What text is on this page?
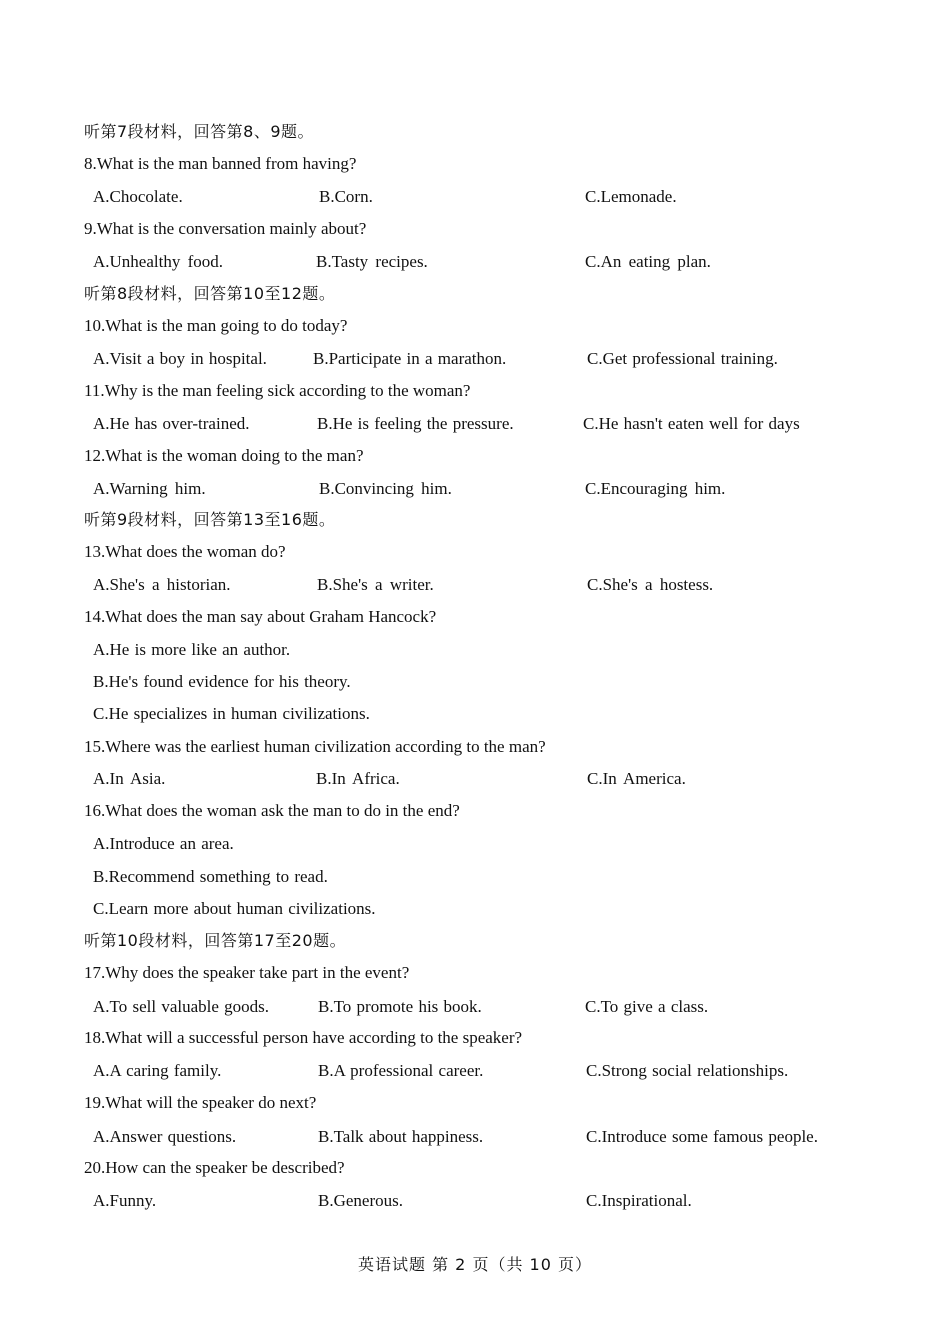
听第7段材料，回答第8、9题。
8.What is the man banned from having?
A.Chocolate.	B.Corn.	C.Lemonade.
9.What is the conversation mainly about?
A.Unhealthy food.	B.Tasty recipes.	C.An eating plan.
听第8段材料，回答第10至12题。
10.What is the man going to do today?
A.Visit a boy in hospital.	B.Participate in a marathon.	C.Get professional training.
11.Why is the man feeling sick according to the woman?
A.He has over-trained.	B.He is feeling the pressure.	C.He hasn't eaten well for days
12.What is the woman doing to the man?
A.Warning him.	B.Convincing him.	C.Encouraging him.
听第9段材料，回答第13至16题。
13.What does the woman do?
A.She's a historian.	B.She's a writer.	C.She's a hostess.
14.What does the man say about Graham Hancock?
A.He is more like an author.
B.He's found evidence for his theory.
C.He specializes in human civilizations.
15.Where was the earliest human civilization according to the man?
A.In Asia.	B.In Africa.	C.In America.
16.What does the woman ask the man to do in the end?
A.Introduce an area.
B.Recommend something to read.
C.Learn more about human civilizations.
听第10段材料，回答第17至20题。
17.Why does the speaker take part in the event?
A.To sell valuable goods.	B.To promote his book.	C.To give a class.
18.What will a successful person have according to the speaker?
A.A caring family.	B.A professional career.	C.Strong social relationships.
19.What will the speaker do next?
A.Answer questions.	B.Talk about happiness.	C.Introduce some famous people.
20.How can the speaker be described?
A.Funny.	B.Generous.	C.Inspirational.
英语试题 第 2 页（共 10 页）
